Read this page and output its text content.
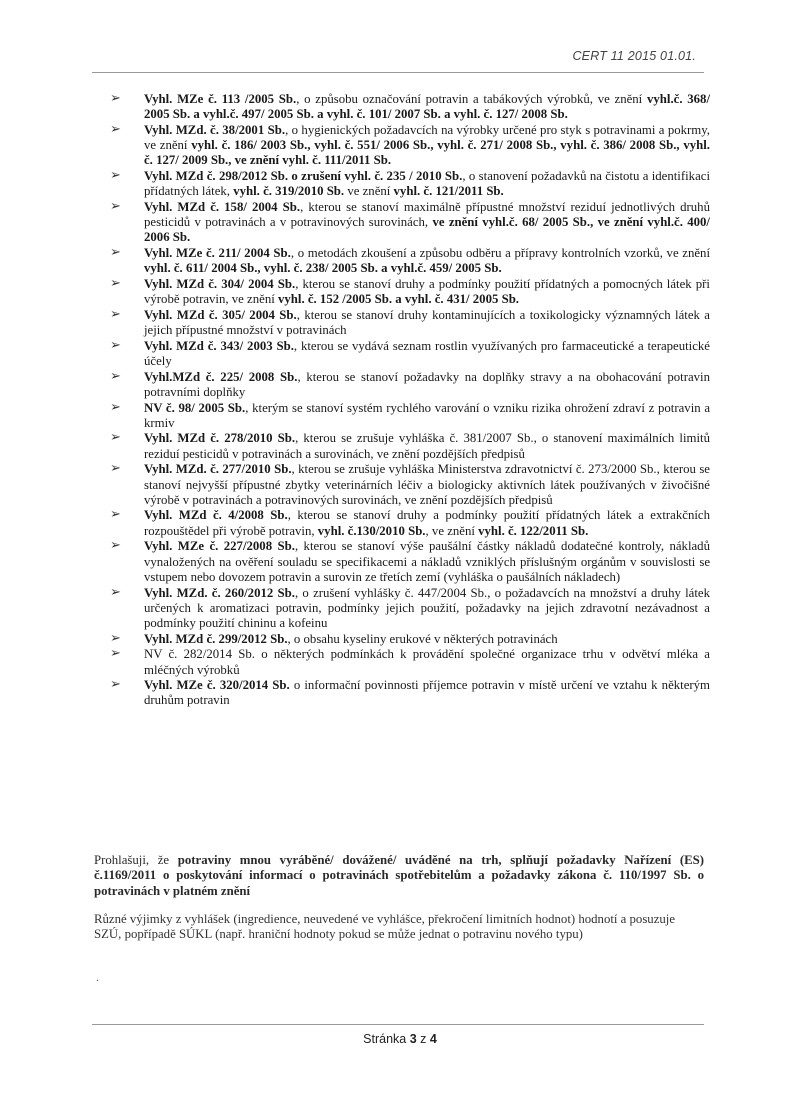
CERT 11 2015 01.01.
➢ Vyhl. MZe č. 113 /2005 Sb., o způsobu označování potravin a tabákových výrobků, ve znění vyhl.č. 368/ 2005 Sb. a vyhl.č. 497/ 2005 Sb. a vyhl. č. 101/ 2007 Sb. a vyhl. č. 127/ 2008 Sb.
➢ Vyhl. MZd. č. 38/2001 Sb., o hygienických požadavcích na výrobky určené pro styk s potravinami a pokrmy, ve znění vyhl. č. 186/ 2003 Sb., vyhl. č. 551/ 2006 Sb., vyhl. č. 271/ 2008 Sb., vyhl. č. 386/ 2008 Sb., vyhl. č. 127/ 2009 Sb., ve znění vyhl. č. 111/2011 Sb.
➢ Vyhl. MZd č. 298/2012 Sb. o zrušení vyhl. č. 235 / 2010 Sb., o stanovení požadavků na čistotu a identifikaci přídatných látek, vyhl. č. 319/2010 Sb. ve znění vyhl. č. 121/2011 Sb.
➢ Vyhl. MZd č. 158/ 2004 Sb., kterou se stanoví maximálně přípustné množství reziduí jednotlivých druhů pesticidů v potravinách a v potravinových surovinách, ve znění vyhl.č. 68/ 2005 Sb., ve znění vyhl.č. 400/ 2006 Sb.
➢ Vyhl. MZe č. 211/ 2004 Sb., o metodách zkoušení a způsobu odběru a přípravy kontrolních vzorků, ve znění vyhl. č. 611/ 2004 Sb., vyhl. č. 238/ 2005 Sb. a vyhl.č. 459/ 2005 Sb.
➢ Vyhl. MZd č. 304/ 2004 Sb., kterou se stanoví druhy a podmínky použití přídatných a pomocných látek při výrobě potravin, ve znění vyhl. č. 152 /2005 Sb. a vyhl. č. 431/ 2005 Sb.
➢ Vyhl. MZd č. 305/ 2004 Sb., kterou se stanoví druhy kontaminujících a toxikologicky významných látek a jejich přípustné množství v potravinách
➢ Vyhl. MZd č. 343/ 2003 Sb., kterou se vydává seznam rostlin využívaných pro farmaceutické a terapeutické účely
➢ Vyhl.MZd č. 225/ 2008 Sb., kterou se stanoví požadavky na doplňky stravy a na obohacování potravin potravními doplňky
➢ NV č. 98/ 2005 Sb., kterým se stanoví systém rychlého varování o vzniku rizika ohrožení zdraví z potravin a krmiv
➢ Vyhl. MZd č. 278/2010 Sb., kterou se zrušuje vyhláška č. 381/2007 Sb., o stanovení maximálních limitů reziduí pesticidů v potravinách a surovinách, ve znění pozdějších předpisů
➢ Vyhl. MZd. č. 277/2010 Sb., kterou se zrušuje vyhláška Ministerstva zdravotnictví č. 273/2000 Sb., kterou se stanoví nejvyšší přípustné zbytky veterinárních léčiv a biologicky aktivních látek používaných v živočišné výrobě v potravinách a potravinových surovinách, ve znění pozdějších předpisů
➢ Vyhl. MZd č. 4/2008 Sb., kterou se stanoví druhy a podmínky použití přídatných látek a extrakčních rozpouštědel při výrobě potravin, vyhl. č.130/2010 Sb., ve znění vyhl. č. 122/2011 Sb.
➢ Vyhl. MZe č. 227/2008 Sb., kterou se stanoví výše paušální částky nákladů dodatečné kontroly, nákladů vynaložených na ověření souladu se specifikacemi a nákladů vzniklých příslušným orgánům v souvislosti se vstupem nebo dovozem potravin a surovin ze třetích zemí (vyhláška o paušálních nákladech)
➢ Vyhl. MZd. č. 260/2012 Sb., o zrušení vyhlášky č. 447/2004 Sb., o požadavcích na množství a druhy látek určených k aromatizaci potravin, podmínky jejich použití, požadavky na jejich zdravotní nezávadnost a podmínky použití chininu a kofeinu
➢ Vyhl. MZd č. 299/2012 Sb., o obsahu kyseliny erukové v některých potravinách
➢ NV č. 282/2014 Sb. o některých podmínkách k provádění společné organizace trhu v odvětví mléka a mléčných výrobků
➢ Vyhl. MZe č. 320/2014 Sb. o informační povinnosti příjemce potravin v místě určení ve vztahu k některým druhům potravin
Prohlašuji, že potraviny mnou vyráběné/ dovážené/ uváděné na trh, splňují požadavky Nařízení (ES) č.1169/2011 o poskytování informací o potravinách spotřebitelům a požadavky zákona č. 110/1997 Sb. o potravinách v platném znění
Různé výjimky z vyhlášek (ingredience, neuvedené ve vyhlášce, překročení limitních hodnot) hodnotí a posuzuje SZÚ, popřípadě SÚKL (např. hraniční hodnoty pokud se může jednat o potravinu nového typu)
.
Stránka 3 z 4
